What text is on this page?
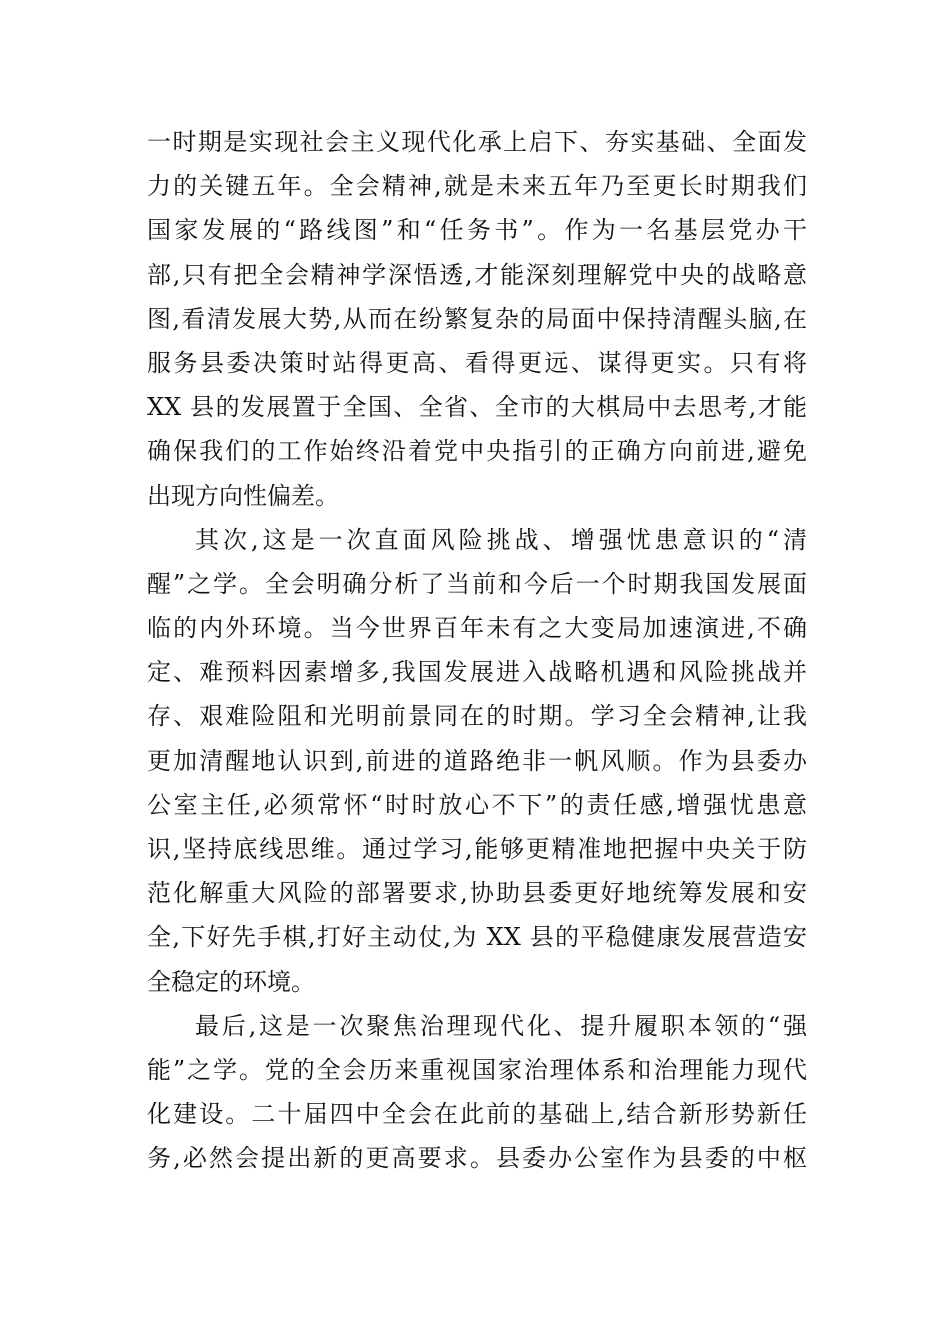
一时期是实现社会主义现代化承上启下、夯实基础、全面发
力的关键五年。全会精神,就是未来五年乃至更长时期我们
国家发展的“路线图”和“任务书”。作为一名基层党办干
部,只有把全会精神学深悟透,才能深刻理解党中央的战略意
图,看清发展大势,从而在纷繁复杂的局面中保持清醒头脑,在
服务县委决策时站得更高、看得更远、谋得更实。只有将
XX 县的发展置于全国、全省、全市的大棋局中去思考,才能
确保我们的工作始终沿着党中央指引的正确方向前进,避免
出现方向性偏差。
其次,这是一次直面风险挑战、增强忧患意识的“清
醒”之学。全会明确分析了当前和今后一个时期我国发展面
临的内外环境。当今世界百年未有之大变局加速演进,不确
定、难预料因素增多,我国发展进入战略机遇和风险挑战并
存、艰难险阻和光明前景同在的时期。学习全会精神,让我
更加清醒地认识到,前进的道路绝非一帆风顺。作为县委办
公室主任,必须常怀“时时放心不下”的责任感,增强忧患意
识,坚持底线思维。通过学习,能够更精准地把握中央关于防
范化解重大风险的部署要求,协助县委更好地统筹发展和安
全,下好先手棋,打好主动仗,为 XX 县的平稳健康发展营造安
全稳定的环境。
最后,这是一次聚焦治理现代化、提升履职本领的“强
能”之学。党的全会历来重视国家治理体系和治理能力现代
化建设。二十届四中全会在此前的基础上,结合新形势新任
务,必然会提出新的更高要求。县委办公室作为县委的中枢
